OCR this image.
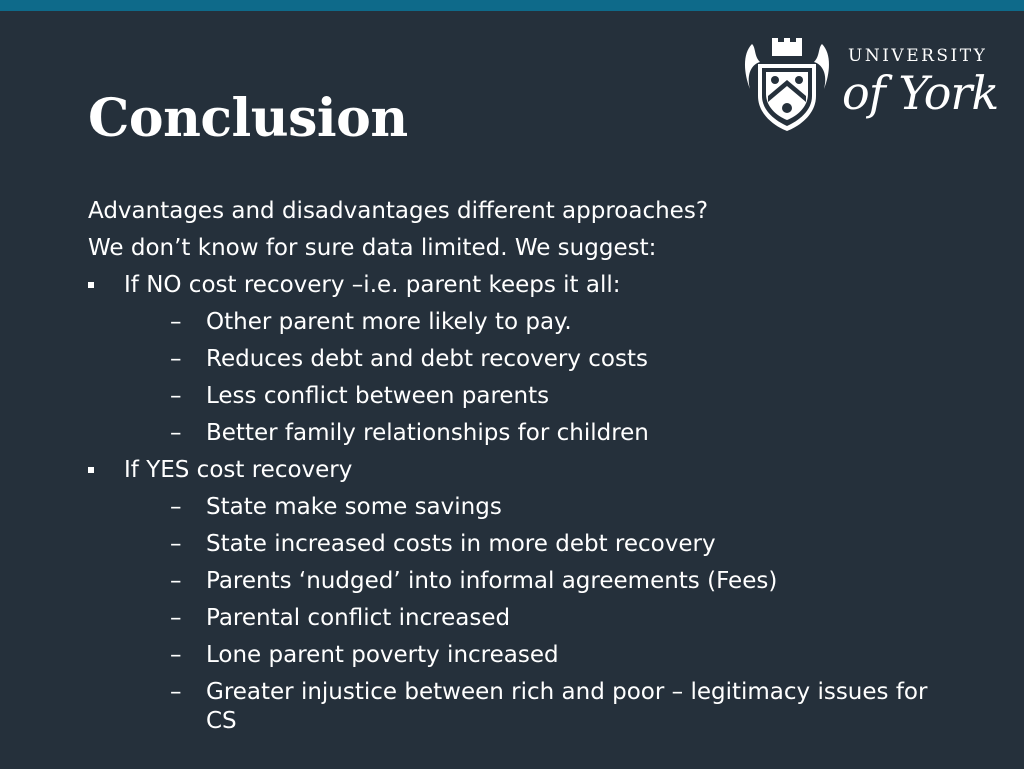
Conclusion
UNIVERSITY
of York
Advantages and disadvantages different approaches?
We don’t know for sure data limited. We suggest:
If NO cost recovery –i.e. parent keeps it all:
– Other parent more likely to pay.
– Reduces debt and debt recovery costs
– Less conflict between parents
– Better family relationships for children
If YES cost recovery
– State make some savings
– State increased costs in more debt recovery
– Parents ‘nudged’ into informal agreements (Fees)
– Parental conflict increased
– Lone parent poverty increased
– Greater injustice between rich and poor – legitimacy issues for CS
